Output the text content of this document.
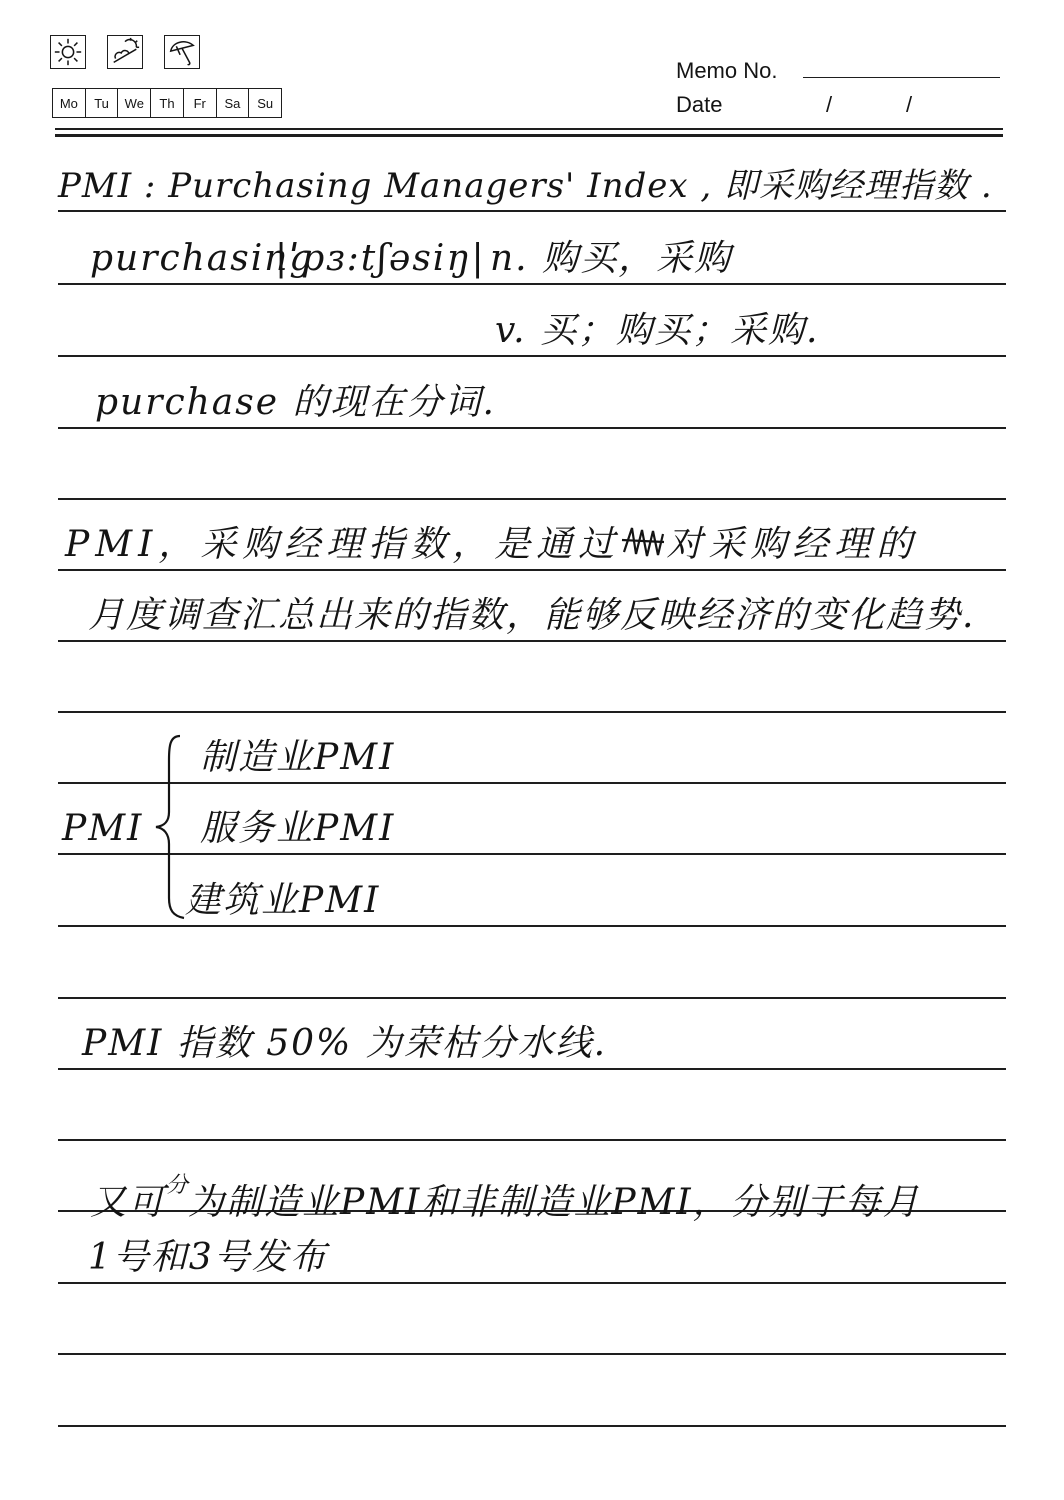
Mo	Tu	We	Th	Fr	Sa	Su
Memo No.
Date	/	/
PMI : Purchasing Managers' Index , 即采购经理指数 .
purchasing
|ˈpɜ:tʃəsiŋ| n. 购买，采购
v. 买；购买；采购.
purchase 的现在分词.
PMI，采购经理指数，是通过 对采购经理的
月度调查汇总出来的指数，能够反映经济的变化趋势.
PMI
制造业PMI
服务业PMI
建筑业PMI
PMI 指数 50% 为荣枯分水线.
又可分为制造业PMI和非制造业PMI，分别于每月
1号和3号发布
